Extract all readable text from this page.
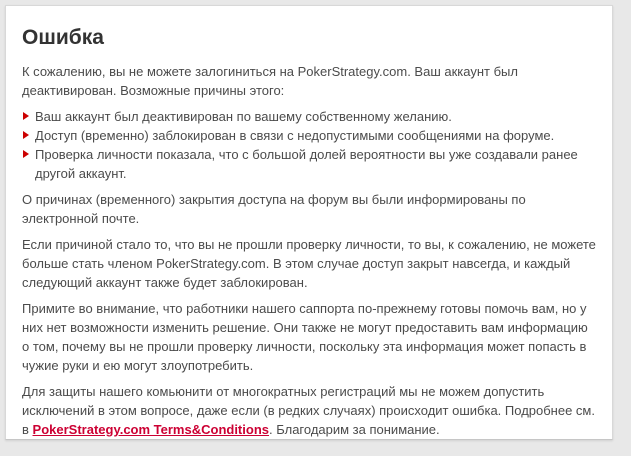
Ошибка

К сожалению, вы не можете залогиниться на PokerStrategy.com. Ваш аккаунт был деактивирован. Возможные причины этого:

Ваш аккаунт был деактивирован по вашему собственному желанию.
Доступ (временно) заблокирован в связи с недопустимыми сообщениями на форуме.
Проверка личности показала, что с большой долей вероятности вы уже создавали ранее другой аккаунт.

О причинах (временного) закрытия доступа на форум вы были информированы по электронной почте.

Если причиной стало то, что вы не прошли проверку личности, то вы, к сожалению, не можете больше стать членом PokerStrategy.com. В этом случае доступ закрыт навсегда, и каждый следующий аккаунт также будет заблокирован.

Примите во внимание, что работники нашего саппорта по-прежнему готовы помочь вам, но у них нет возможности изменить решение. Они также не могут предоставить вам информацию о том, почему вы не прошли проверку личности, поскольку эта информация может попасть в чужие руки и ею могут злоупотребить.

Для защиты нашего комьюнити от многократных регистраций мы не можем допустить исключений в этом вопросе, даже если (в редких случаях) происходит ошибка. Подробнее см. в PokerStrategy.com Terms&Conditions. Благодарим за понимание.
